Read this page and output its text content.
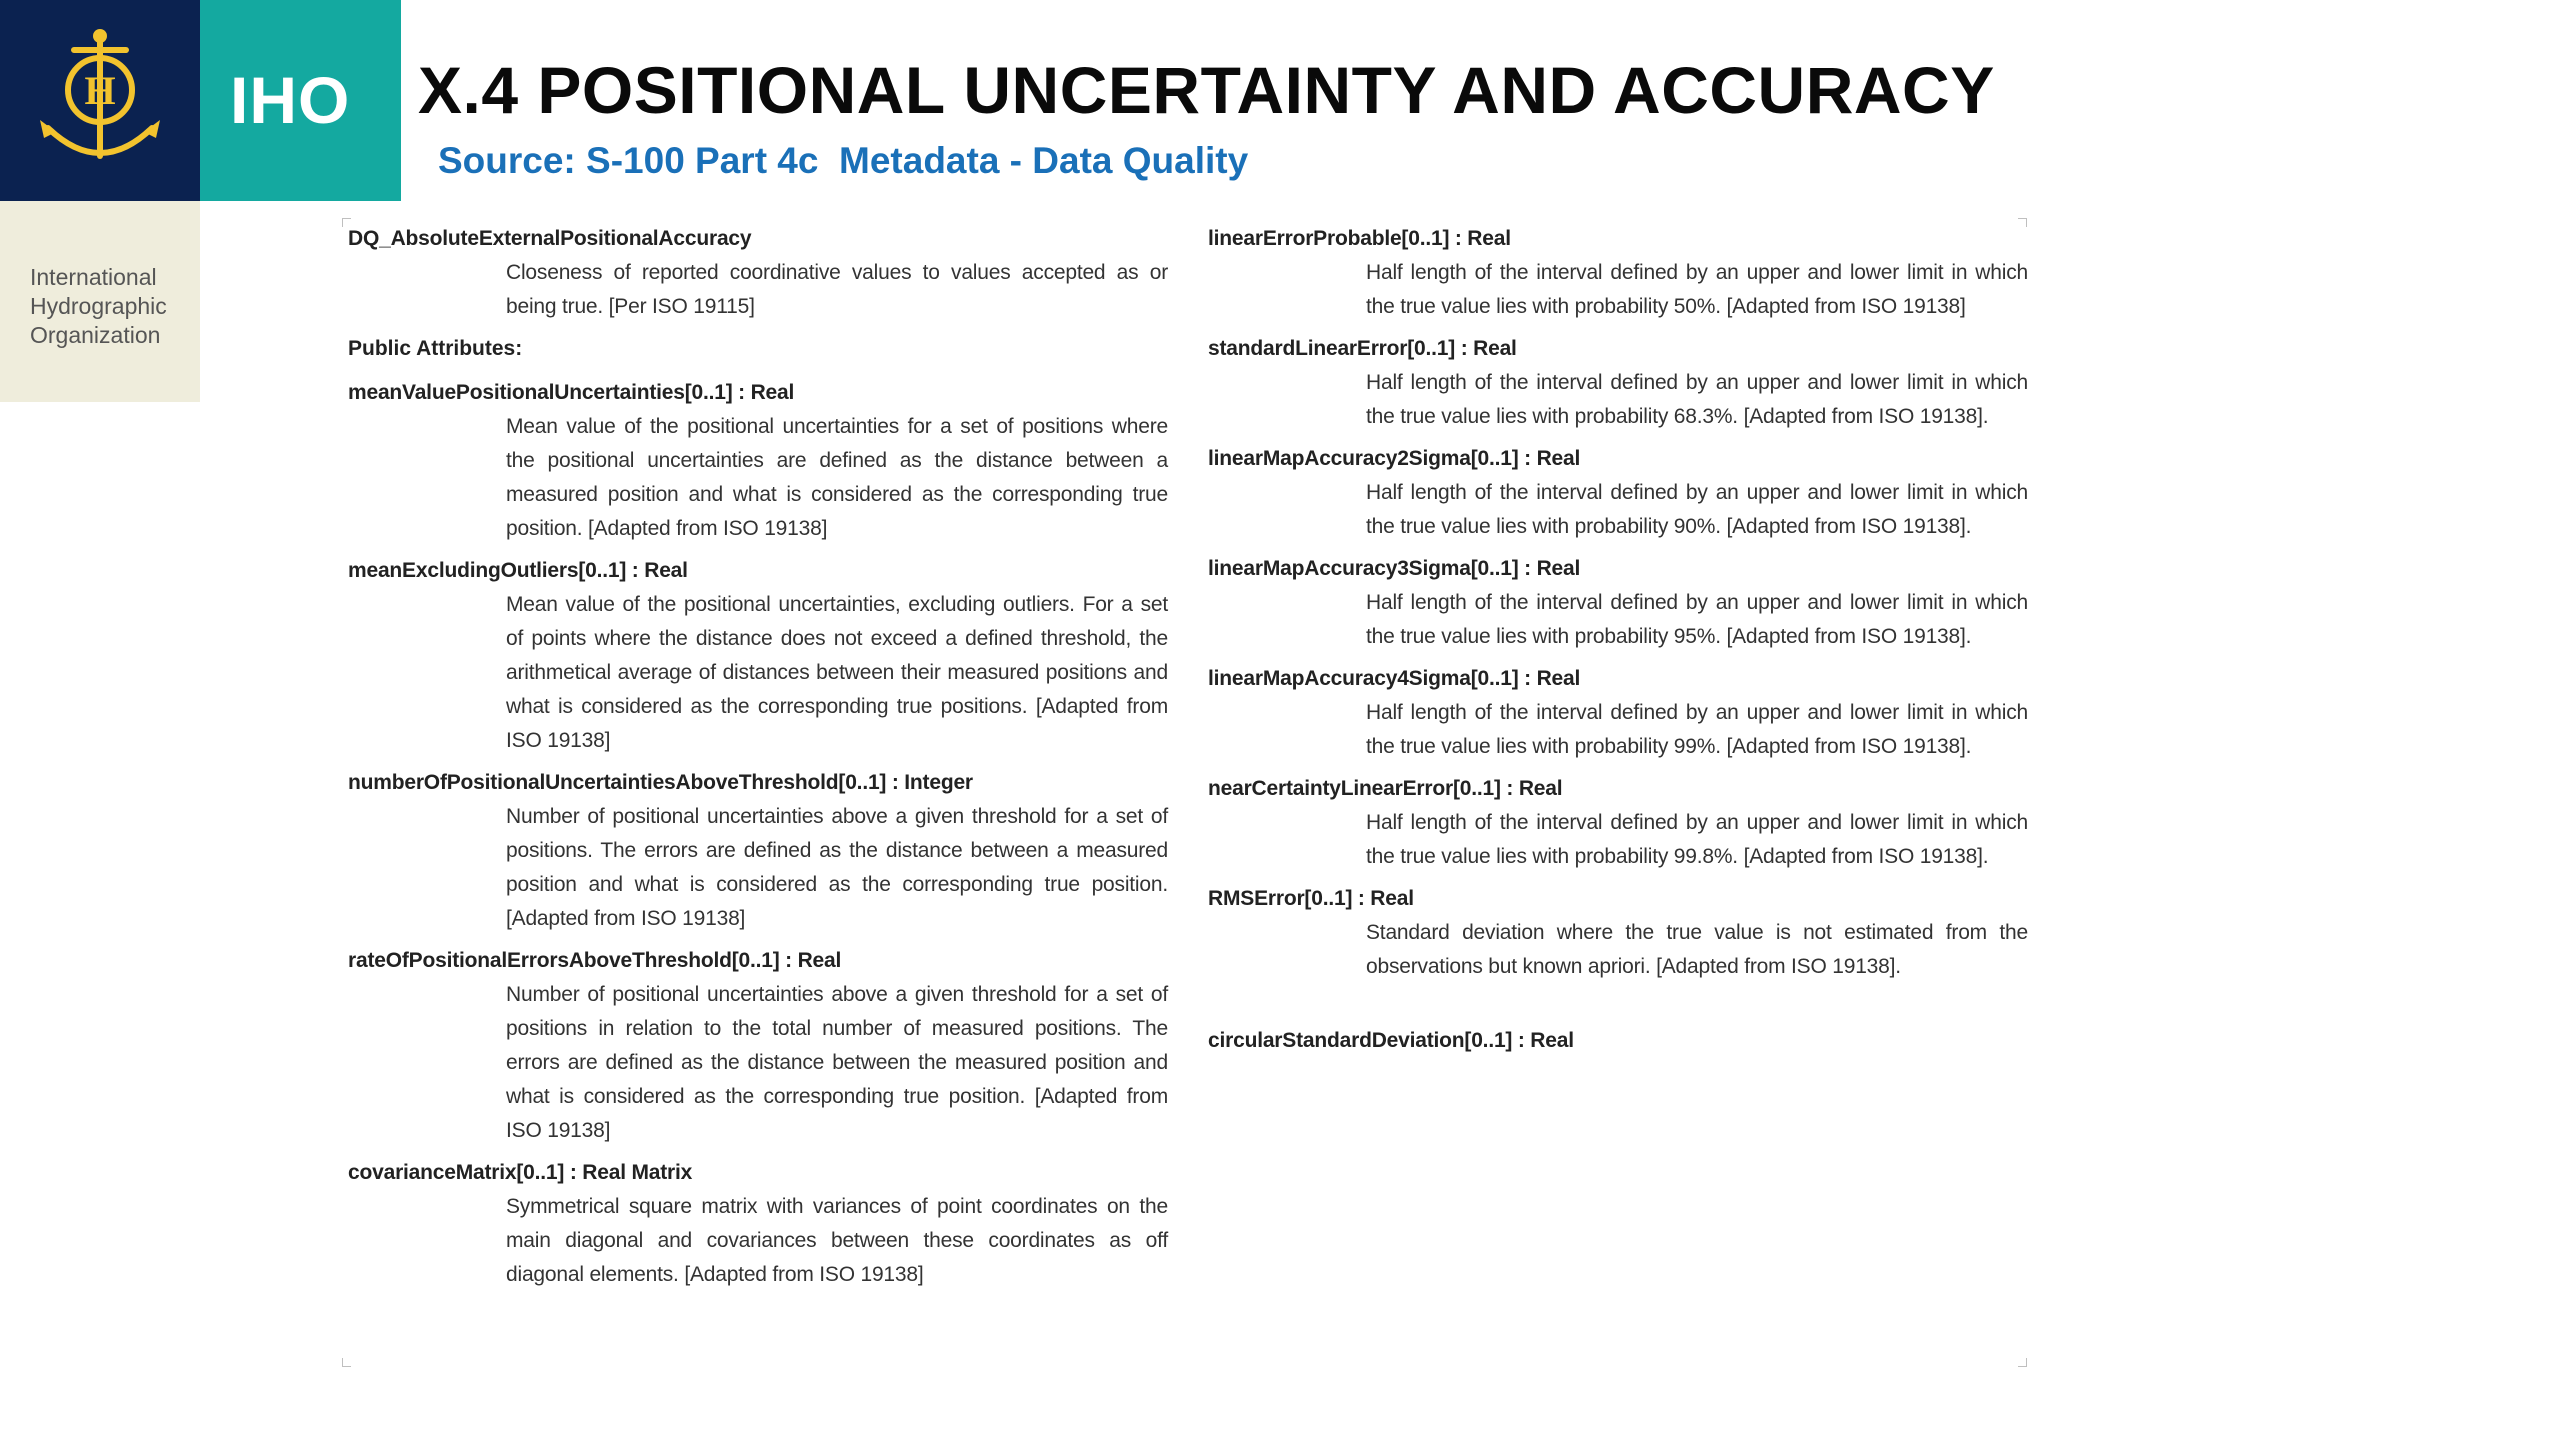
H IHO
International Hydrographic Organization
X.4 POSITIONAL UNCERTAINTY AND ACCURACY
Source: S-100 Part 4c  Metadata - Data Quality
DQ_AbsoluteExternalPositionalAccuracy
Closeness of reported coordinative values to values accepted as or being true. [Per ISO 19115]
Public Attributes:
meanValuePositionalUncertainties[0..1] : Real
Mean value of the positional uncertainties for a set of positions where the positional uncertainties are defined as the distance between a measured position and what is considered as the corresponding true position. [Adapted from ISO 19138]
meanExcludingOutliers[0..1] : Real
Mean value of the positional uncertainties, excluding outliers. For a set of points where the distance does not exceed a defined threshold, the arithmetical average of distances between their measured positions and what is considered as the corresponding true positions. [Adapted from ISO 19138]
numberOfPositionalUncertaintiesAboveThreshold[0..1] : Integer
Number of positional uncertainties above a given threshold for a set of positions. The errors are defined as the distance between a measured position and what is considered as the corresponding true position. [Adapted from ISO 19138]
rateOfPositionalErrorsAboveThreshold[0..1] : Real
Number of positional uncertainties above a given threshold for a set of positions in relation to the total number of measured positions. The errors are defined as the distance between the measured position and what is considered as the corresponding true position. [Adapted from ISO 19138]
covarianceMatrix[0..1] : Real Matrix
Symmetrical square matrix with variances of point coordinates on the main diagonal and covariances between these coordinates as off diagonal elements. [Adapted from ISO 19138]
linearErrorProbable[0..1] : Real
Half length of the interval defined by an upper and lower limit in which the true value lies with probability 50%. [Adapted from ISO 19138]
standardLinearError[0..1] : Real
Half length of the interval defined by an upper and lower limit in which the true value lies with probability 68.3%. [Adapted from ISO 19138].
linearMapAccuracy2Sigma[0..1] : Real
Half length of the interval defined by an upper and lower limit in which the true value lies with probability 90%. [Adapted from ISO 19138].
linearMapAccuracy3Sigma[0..1] : Real
Half length of the interval defined by an upper and lower limit in which the true value lies with probability 95%. [Adapted from ISO 19138].
linearMapAccuracy4Sigma[0..1] : Real
Half length of the interval defined by an upper and lower limit in which the true value lies with probability 99%. [Adapted from ISO 19138].
nearCertaintyLinearError[0..1] : Real
Half length of the interval defined by an upper and lower limit in which the true value lies with probability 99.8%. [Adapted from ISO 19138].
RMSError[0..1] : Real
Standard deviation where the true value is not estimated from the observations but known apriori. [Adapted from ISO 19138].
circularStandardDeviation[0..1] : Real
